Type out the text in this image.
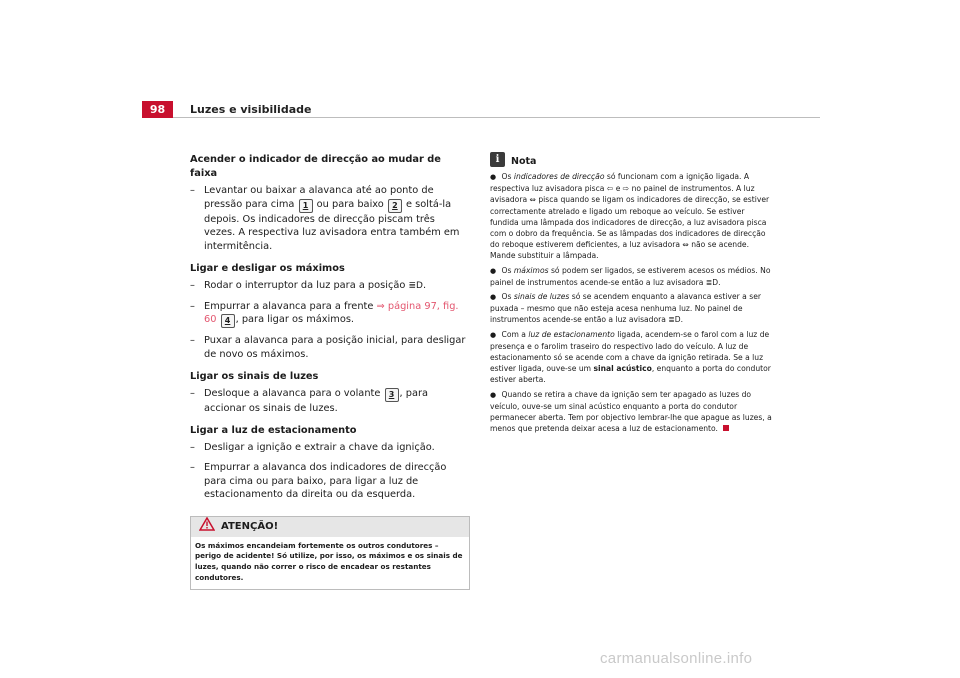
98	Luzes e visibilidade
Acender o indicador de direcção ao mudar de faixa
– Levantar ou baixar a alavanca até ao ponto de pressão para cima 1 ou para baixo 2 e soltá-la depois. Os indicadores de direcção piscam três vezes. A respectiva luz avisadora entra também em intermitência.
Ligar e desligar os máximos
– Rodar o interruptor da luz para a posição ≣D.
– Empurrar a alavanca para a frente ⇒ página 97, fig. 60 4 , para ligar os máximos.
– Puxar a alavanca para a posição inicial, para desligar de novo os máximos.
Ligar os sinais de luzes
– Desloque a alavanca para o volante 3 , para accionar os sinais de luzes.
Ligar a luz de estacionamento
– Desligar a ignição e extrair a chave da ignição.
– Empurrar a alavanca dos indicadores de direcção para cima ou para baixo, para ligar a luz de estacionamento da direita ou da esquerda.
ATENÇÃO!
Os máximos encandeiam fortemente os outros condutores – perigo de acidente! Só utilize, por isso, os máximos e os sinais de luzes, quando não correr o risco de encadear os restantes condutores.
i	Nota
● Os indicadores de direcção só funcionam com a ignição ligada. A respectiva luz avisadora pisca ⇦ e ⇨ no painel de instrumentos. A luz avisadora ⇔ pisca quando se ligam os indicadores de direcção, se estiver correctamente atrelado e ligado um reboque ao veículo. Se estiver fundida uma lâmpada dos indicadores de direcção, a luz avisadora pisca com o dobro da frequência. Se as lâmpadas dos indicadores de direcção do reboque estiverem deficientes, a luz avisadora ⇔ não se acende. Mande substituir a lâmpada.
● Os máximos só podem ser ligados, se estiverem acesos os médios. No painel de instrumentos acende-se então a luz avisadora ≣D.
● Os sinais de luzes só se acendem enquanto a alavanca estiver a ser puxada – mesmo que não esteja acesa nenhuma luz. No painel de instrumentos acende-se então a luz avisadora ≣D.
● Com a luz de estacionamento ligada, acendem-se o farol com a luz de presença e o farolim traseiro do respectivo lado do veículo. A luz de estacionamento só se acende com a chave da ignição retirada. Se a luz estiver ligada, ouve-se um sinal acústico, enquanto a porta do condutor estiver aberta.
● Quando se retira a chave da ignição sem ter apagado as luzes do veículo, ouve-se um sinal acústico enquanto a porta do condutor permanecer aberta. Tem por objectivo lembrar-lhe que apague as luzes, a menos que pretenda deixar acesa a luz de estacionamento.
carmanualsonline.info
